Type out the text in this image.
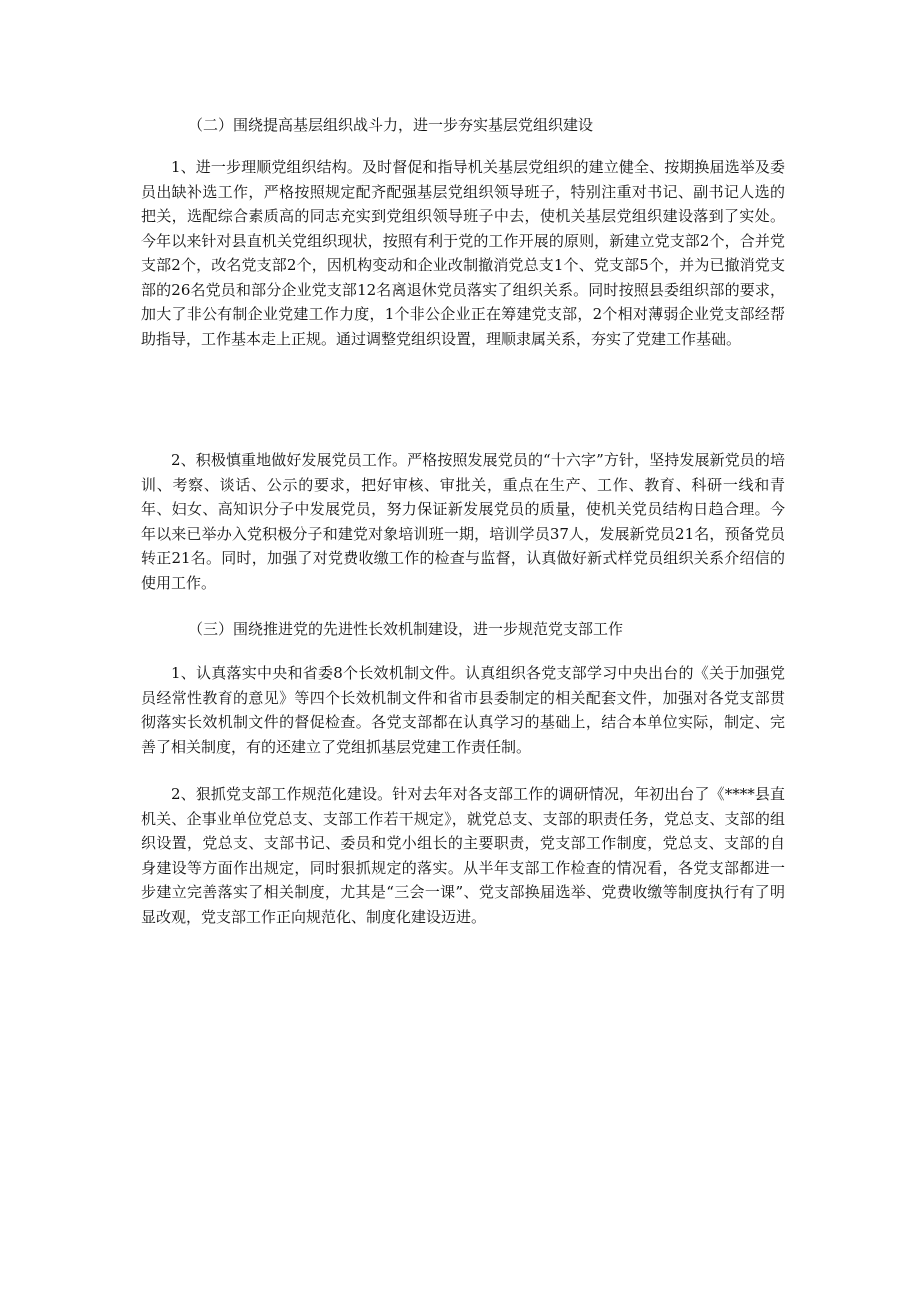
（二）围绕提高基层组织战斗力，进一步夯实基层党组织建设

1、进一步理顺党组织结构。及时督促和指导机关基层党组织的建立健全、按期换届选举及委员出缺补选工作，严格按照规定配齐配强基层党组织领导班子，特别注重对书记、副书记人选的把关，选配综合素质高的同志充实到党组织领导班子中去，使机关基层党组织建设落到了实处。今年以来针对县直机关党组织现状，按照有利于党的工作开展的原则，新建立党支部2个，合并党支部2个，改名党支部2个，因机构变动和企业改制撤消党总支1个、党支部5个，并为已撤消党支部的26名党员和部分企业党支部12名离退休党员落实了组织关系。同时按照县委组织部的要求，加大了非公有制企业党建工作力度，1个非公企业正在筹建党支部，2个相对薄弱企业党支部经帮助指导，工作基本走上正规。通过调整党组织设置，理顺隶属关系，夯实了党建工作基础。

2、积极慎重地做好发展党员工作。严格按照发展党员的“十六字”方针，坚持发展新党员的培训、考察、谈话、公示的要求，把好审核、审批关，重点在生产、工作、教育、科研一线和青年、妇女、高知识分子中发展党员，努力保证新发展党员的质量，使机关党员结构日趋合理。今年以来已举办入党积极分子和建党对象培训班一期，培训学员37人，发展新党员21名，预备党员转正21名。同时，加强了对党费收缴工作的检查与监督，认真做好新式样党员组织关系介绍信的使用工作。

（三）围绕推进党的先进性长效机制建设，进一步规范党支部工作

1、认真落实中央和省委8个长效机制文件。认真组织各党支部学习中央出台的《关于加强党员经常性教育的意见》等四个长效机制文件和省市县委制定的相关配套文件，加强对各党支部贯彻落实长效机制文件的督促检查。各党支部都在认真学习的基础上，结合本单位实际，制定、完善了相关制度，有的还建立了党组抓基层党建工作责任制。

2、狠抓党支部工作规范化建设。针对去年对各支部工作的调研情况，年初出台了《****县直机关、企事业单位党总支、支部工作若干规定》，就党总支、支部的职责任务，党总支、支部的组织设置，党总支、支部书记、委员和党小组长的主要职责，党支部工作制度，党总支、支部的自身建设等方面作出规定，同时狠抓规定的落实。从半年支部工作检查的情况看，各党支部都进一步建立完善落实了相关制度，尤其是“三会一课”、党支部换届选举、党费收缴等制度执行有了明显改观，党支部工作正向规范化、制度化建设迈进。
